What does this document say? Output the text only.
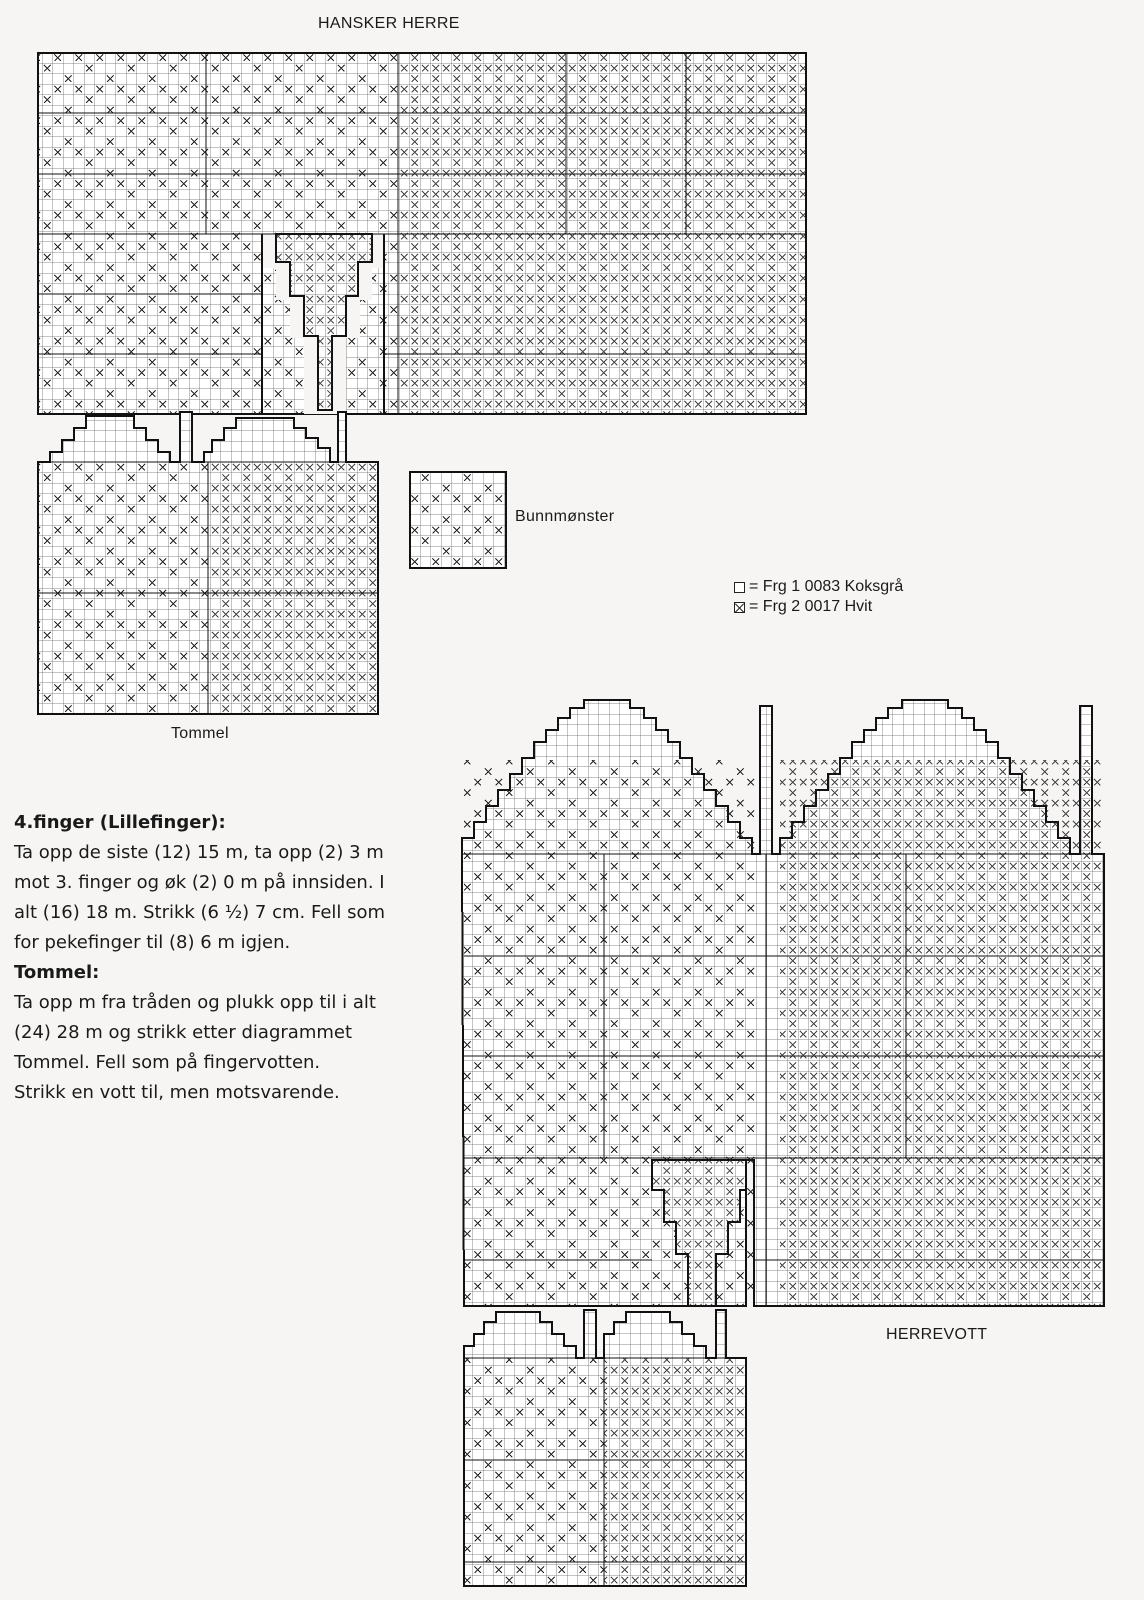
HANSKER HERRE
Bunnmønster
Tommel
HERREVOTT
= Frg 1 0083 Koksgrå
= Frg 2 0017 Hvit

4.finger (Lillefinger):

Ta opp de siste (12) 15 m, ta opp (2) 3 m

mot 3. finger og øk (2) 0 m på innsiden. I

alt (16) 18 m. Strikk (6 ½) 7 cm. Fell som

for pekefinger til (8) 6 m igjen.

Tommel:

Ta opp m fra tråden og plukk opp til i alt

(24) 28 m og strikk etter diagrammet

Tommel. Fell som på fingervotten.

Strikk en vott til, men motsvarende.
